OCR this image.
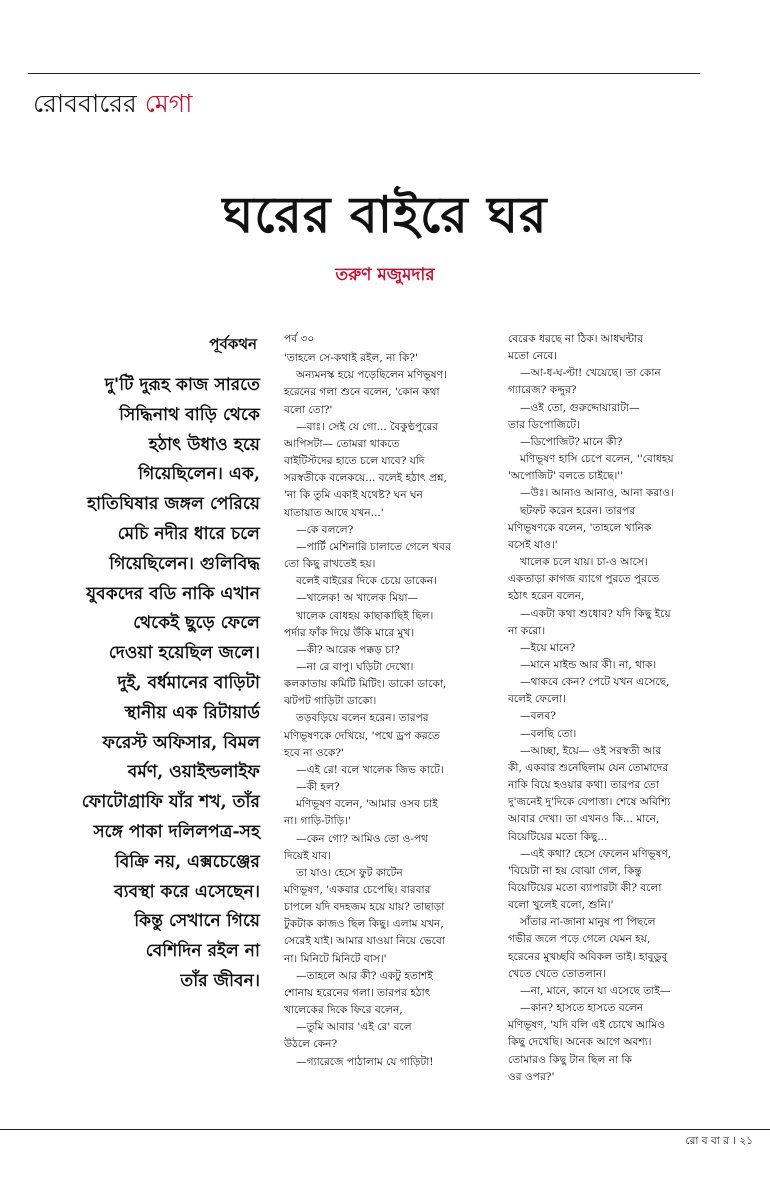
রোববারের মেগা
ঘরের বাইরে ঘর
তরুণ মজুমদার
পূর্বকথন
দু'টি দুরূহ কাজ সারতে
সিদ্ধিনাথ বাড়ি থেকে
হঠাৎ উধাও হয়ে
গিয়েছিলেন। এক,
হাতিঘিষার জঙ্গল পেরিয়ে
মেচি নদীর ধারে চলে
গিয়েছিলেন। গুলিবিদ্ধ
যুবকদের বডি নাকি এখান
থেকেই ছুড়ে ফেলে
দেওয়া হয়েছিল জলে।
দুই, বর্ধমানের বাড়িটা
স্থানীয় এক রিটায়ার্ড
ফরেস্ট অফিসার, বিমল
বর্মণ, ওয়াইল্ডলাইফ
ফোটোগ্রাফি যাঁর শখ, তাঁর
সঙ্গে পাকা দলিলপত্র-সহ
বিক্রি নয়, এক্সচেঞ্জের
ব্যবস্থা করে এসেছেন।
কিন্তু সেখানে গিয়ে
বেশিদিন রইল না
তাঁর জীবন।
পর্ব ৩০
'তাহলে সে-কথাই রইল, না কি?'
অন্যমনস্ক হয়ে পড়েছিলেন মণিভূষণ।
হরেনের গলা শুনে বলেন, 'কোন কথা
বলো তো?'
—বাঃ। সেই যে গো... বৈকুণ্ঠপুরের
আপিসটা— তোমরা থাকতে
বাইটিস্টদের হাতে চলে যাবে? যদি
সরস্বতীকে বলেকয়ে... বলেই হঠাৎ প্রশ্ন,
'না কি তুমি একাই যথেষ্ট? ঘন ঘন
যাতায়াত আছে যখন...'
—কে বললে?
—পার্টি মেশিনারি চালাতে গেলে খবর
তো কিছু রাখতেই হয়।
বলেই বাইরের দিকে চেয়ে ডাকেন।
—খালেক! অ খালেক মিয়া—
খালেক বোধহয় কাছাকাছিই ছিল।
পর্দার ফাঁক দিয়ে উঁকি মারে মুখ।
—কী? আরেক পক্কড় চা?
—না রে বাপু। ঘড়িটা দেখো।
কলকাতায় কমিটি মিটিং। ডাকো ডাকো,
ঝটপট গাড়িটা ডাকো।
তড়বড়িয়ে বলেন হরেন। তারপর
মণিভূষণকে দেখিয়ে, 'পথে ড্রপ করতে
হবে না ওকে?'
—এই রে! বলে খালেক জিভ কাটে।
—কী হল?
মণিভূষণ বলেন, 'আমার ওসব চাই
না। গাড়ি-টাড়ি।'
—কেন গো? আমিও তো ও-পথ
দিয়েই যাব।
তা যাও। হেসে ফুট কাটেন
মণিভূষণ, 'একবার চেপেছি। বারবার
চাপলে যদি বদহজম হয়ে যায়? তাছাড়া
টুকটাক কাজও ছিল কিছু। এলাম যখন,
সেরেই যাই। আমার যাওয়া নিয়ে ভেবো
না। মিনিটে মিনিটে বাস।'
—তাহলে আর কী? একটু হতাশই
শোনায় হরেনের গলা। তারপর হঠাৎ
খালেকের দিকে ফিরে বলেন,
—তুমি আবার 'এই রে' বলে
উঠলে কেন?
—গ্যারেজে পাঠালাম যে গাড়িটা!
বেরেক ধরছে না ঠিক। আধঘন্টার
মতো নেবে।
—আ-ধ-ঘ-ণ্টা! খেয়েছে। তা কোন
গ্যারেজ? কদ্দুর?
—ওই তো, গুরুদ্দোয়ারাটা—
তার ডিপোজিটে।
—ডিপোজিট? মানে কী?
মণিভূষণ হাসি চেপে বলেন, ''বোধহয়
'অপোজিট' বলতে চাইছে।''
—উঃ। আনাও আনাও, আনা করাও।
ছটফট করেন হরেন। তারপর
মণিভূষণকে বলেন, 'তাহলে খানিক
বসেই যাও।'
খালেক চলে যায়। চা-ও আসে।
একতাড়া কাগজ ব্যাগে পুরতে পুরতে
হঠাৎ হরেন বলেন,
—একটা কথা শুধোব? যদি কিছু ইয়ে
না করো।
—ইয়ে মানে?
—মানে মাইন্ড আর কী। না, থাক।
—থাকবে কেন? পেটে যখন এসেছে,
বলেই ফেলো।
—বলব?
—বলছি তো।
—আচ্ছা, ইয়ে— ওই সরস্বতী আর
কী, একবার শুনেছিলাম যেন তোমাদের
নাকি বিয়ে হওয়ার কথা। তারপর তো
দু'জনেই দু'দিকে বেপাত্তা। শেষে অবিশ্যি
আবার দেখা। তা এখনও কি... মানে,
বিয়েটিয়ের মতো কিছু...
—এই কথা? হেসে ফেলেন মণিভূষণ,
'বিয়েটা না হয় বোঝা গেল, কিন্তু
বিয়েটিয়ের মতো ব্যাপারটা কী? বলো
বলো খুলেই বলো, শুনি।'
সাঁতার না-জানা মানুষ পা পিছলে
গভীর জলে পড়ে গেলে যেমন হয়,
হরেনের মুখচ্ছবি অবিকল তাই। হাবুডুবু
খেতে খেতে তোতলান।
—না, মানে, কানে যা এসেছে তাই—
—কান? হাসতে হাসতে বলেন
মণিভূষণ, 'যদি বলি এই চোখে আমিও
কিছু দেখেছি। অনেক আগে অবশ্য।
তোমারও কিছু টান ছিল না কি
ওর ওপর?'
রো ব বা র । ২১
